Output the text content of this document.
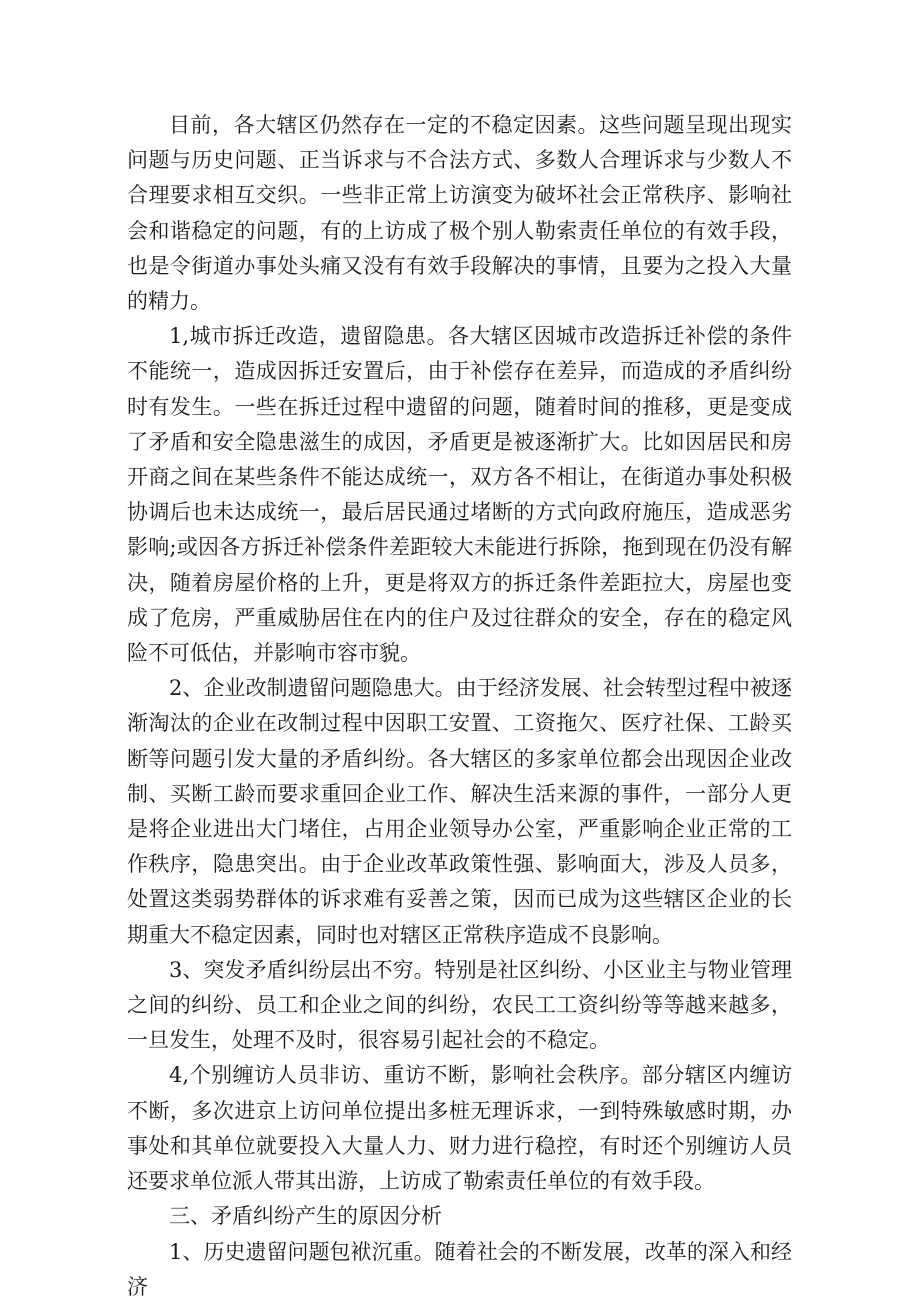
目前，各大辖区仍然存在一定的不稳定因素。这些问题呈现出现实问题与历史问题、正当诉求与不合法方式、多数人合理诉求与少数人不合理要求相互交织。一些非正常上访演变为破坏社会正常秩序、影响社会和谐稳定的问题，有的上访成了极个别人勒索责任单位的有效手段，也是令街道办事处头痛又没有有效手段解决的事情，且要为之投入大量的精力。

1,城市拆迁改造，遗留隐患。各大辖区因城市改造拆迁补偿的条件不能统一，造成因拆迁安置后，由于补偿存在差异，而造成的矛盾纠纷时有发生。一些在拆迁过程中遗留的问题，随着时间的推移，更是变成了矛盾和安全隐患滋生的成因，矛盾更是被逐渐扩大。比如因居民和房开商之间在某些条件不能达成统一，双方各不相让，在街道办事处积极协调后也未达成统一，最后居民通过堵断的方式向政府施压，造成恶劣影响;或因各方拆迁补偿条件差距较大未能进行拆除，拖到现在仍没有解决，随着房屋价格的上升，更是将双方的拆迁条件差距拉大，房屋也变成了危房，严重威胁居住在内的住户及过往群众的安全，存在的稳定风险不可低估，并影响市容市貌。

2、企业改制遗留问题隐患大。由于经济发展、社会转型过程中被逐渐淘汰的企业在改制过程中因职工安置、工资拖欠、医疗社保、工龄买断等问题引发大量的矛盾纠纷。各大辖区的多家单位都会出现因企业改制、买断工龄而要求重回企业工作、解决生活来源的事件，一部分人更是将企业进出大门堵住，占用企业领导办公室，严重影响企业正常的工作秩序，隐患突出。由于企业改革政策性强、影响面大，涉及人员多，处置这类弱势群体的诉求难有妥善之策，因而已成为这些辖区企业的长期重大不稳定因素，同时也对辖区正常秩序造成不良影响。

3、突发矛盾纠纷层出不穷。特别是社区纠纷、小区业主与物业管理之间的纠纷、员工和企业之间的纠纷，农民工工资纠纷等等越来越多，一旦发生，处理不及时，很容易引起社会的不稳定。

4,个别缠访人员非访、重访不断，影响社会秩序。部分辖区内缠访不断，多次进京上访问单位提出多桩无理诉求，一到特殊敏感时期，办事处和其单位就要投入大量人力、财力进行稳控，有时还个别缠访人员还要求单位派人带其出游，上访成了勒索责任单位的有效手段。

三、矛盾纠纷产生的原因分析

1、历史遗留问题包袱沉重。随着社会的不断发展，改革的深入和经济
